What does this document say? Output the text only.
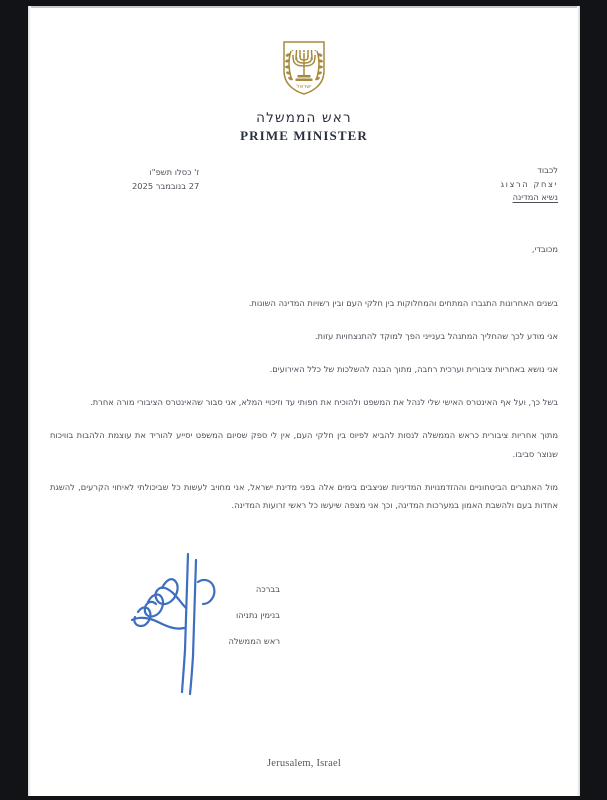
ישראל
ראש הממשלה
PRIME MINISTER
ז' כסלו תשפ"ו
27 בנובמבר 2025
לכבוד
יצחק הרצוג
נשיא המדינה
מכובדי,

בשנים האחרונות התגברו המתחים והמחלוקות בין חלקי העם ובין רשויות המדינה השונות.

אני מודע לכך שהחליך המתנהל בענייני הפך למוקד להתנצחויות עזות.

אני נושא באחריות ציבורית וערכית רחבה, מתוך הבנה להשלכות של כלל האירועים.

בשל כך, ועל אף האינטרס האישי שלי לנהל את המשפט ולהוכיח את חפותי עד וזיכויי המלא, אני סבור שהאינטרס הציבורי מורה אחרת.

מתוך אחריות ציבורית כראש הממשלה לנסות להביא לפיוס בין חלקי העם, אין לי ספק שסיום המשפט יסייע להוריד את עוצמת הלהבות בוויכוח שנוצר סביבו.

מול האתגרים הביטחוניים וההזדמנויות המדיניות שניצבים בימים אלה בפני מדינת ישראל, אני מחויב לעשות כל שביכולתי לאיחוי הקרעים, להשגת אחדות בעם ולהשבת האמון במערכות המדינה, וכך אני מצפה שיעשו כל ראשי זרועות המדינה.

בברכה
בנימין נתניהו
ראש הממשלה
Jerusalem, Israel
